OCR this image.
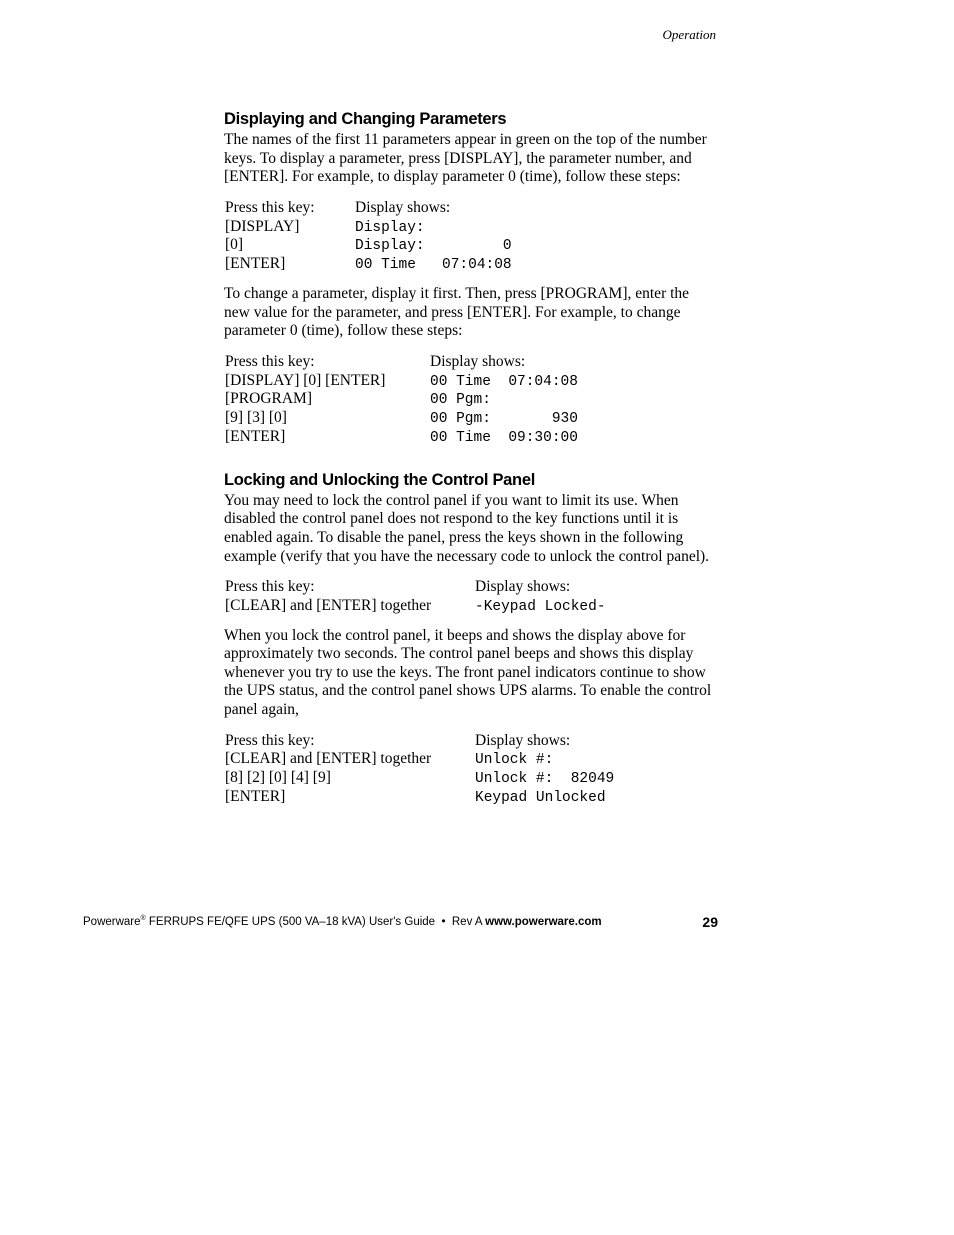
Operation
Displaying and Changing Parameters

The names of the first 11 parameters appear in green on the top of the number keys. To display a parameter, press [DISPLAY], the parameter number, and [ENTER]. For example, to display parameter 0 (time), follow these steps:

Press this key:	Display shows:
[DISPLAY]	Display:
[0]	Display:         0
[ENTER]	00 Time   07:04:08

To change a parameter, display it first. Then, press [PROGRAM], enter the new value for the parameter, and press [ENTER]. For example, to change parameter 0 (time), follow these steps:

Press this key:	Display shows:
[DISPLAY] [0] [ENTER]	00 Time  07:04:08
[PROGRAM]	00 Pgm:
[9] [3] [0]	00 Pgm:       930
[ENTER]	00 Time  09:30:00
Locking and Unlocking the Control Panel

You may need to lock the control panel if you want to limit its use. When disabled the control panel does not respond to the key functions until it is enabled again. To disable the panel, press the keys shown in the following example (verify that you have the necessary code to unlock the control panel).

Press this key:	Display shows:
[CLEAR] and [ENTER] together	-Keypad Locked-

When you lock the control panel, it beeps and shows the display above for approximately two seconds. The control panel beeps and shows this display whenever you try to use the keys. The front panel indicators continue to show the UPS status, and the control panel shows UPS alarms. To enable the control panel again,

Press this key:	Display shows:
[CLEAR] and [ENTER] together	Unlock #:
[8] [2] [0] [4] [9]	Unlock #:  82049
[ENTER]	Keypad Unlocked
Powerware® FERRUPS FE/QFE UPS (500 VA–18 kVA) User's Guide  •  Rev A www.powerware.com	29
